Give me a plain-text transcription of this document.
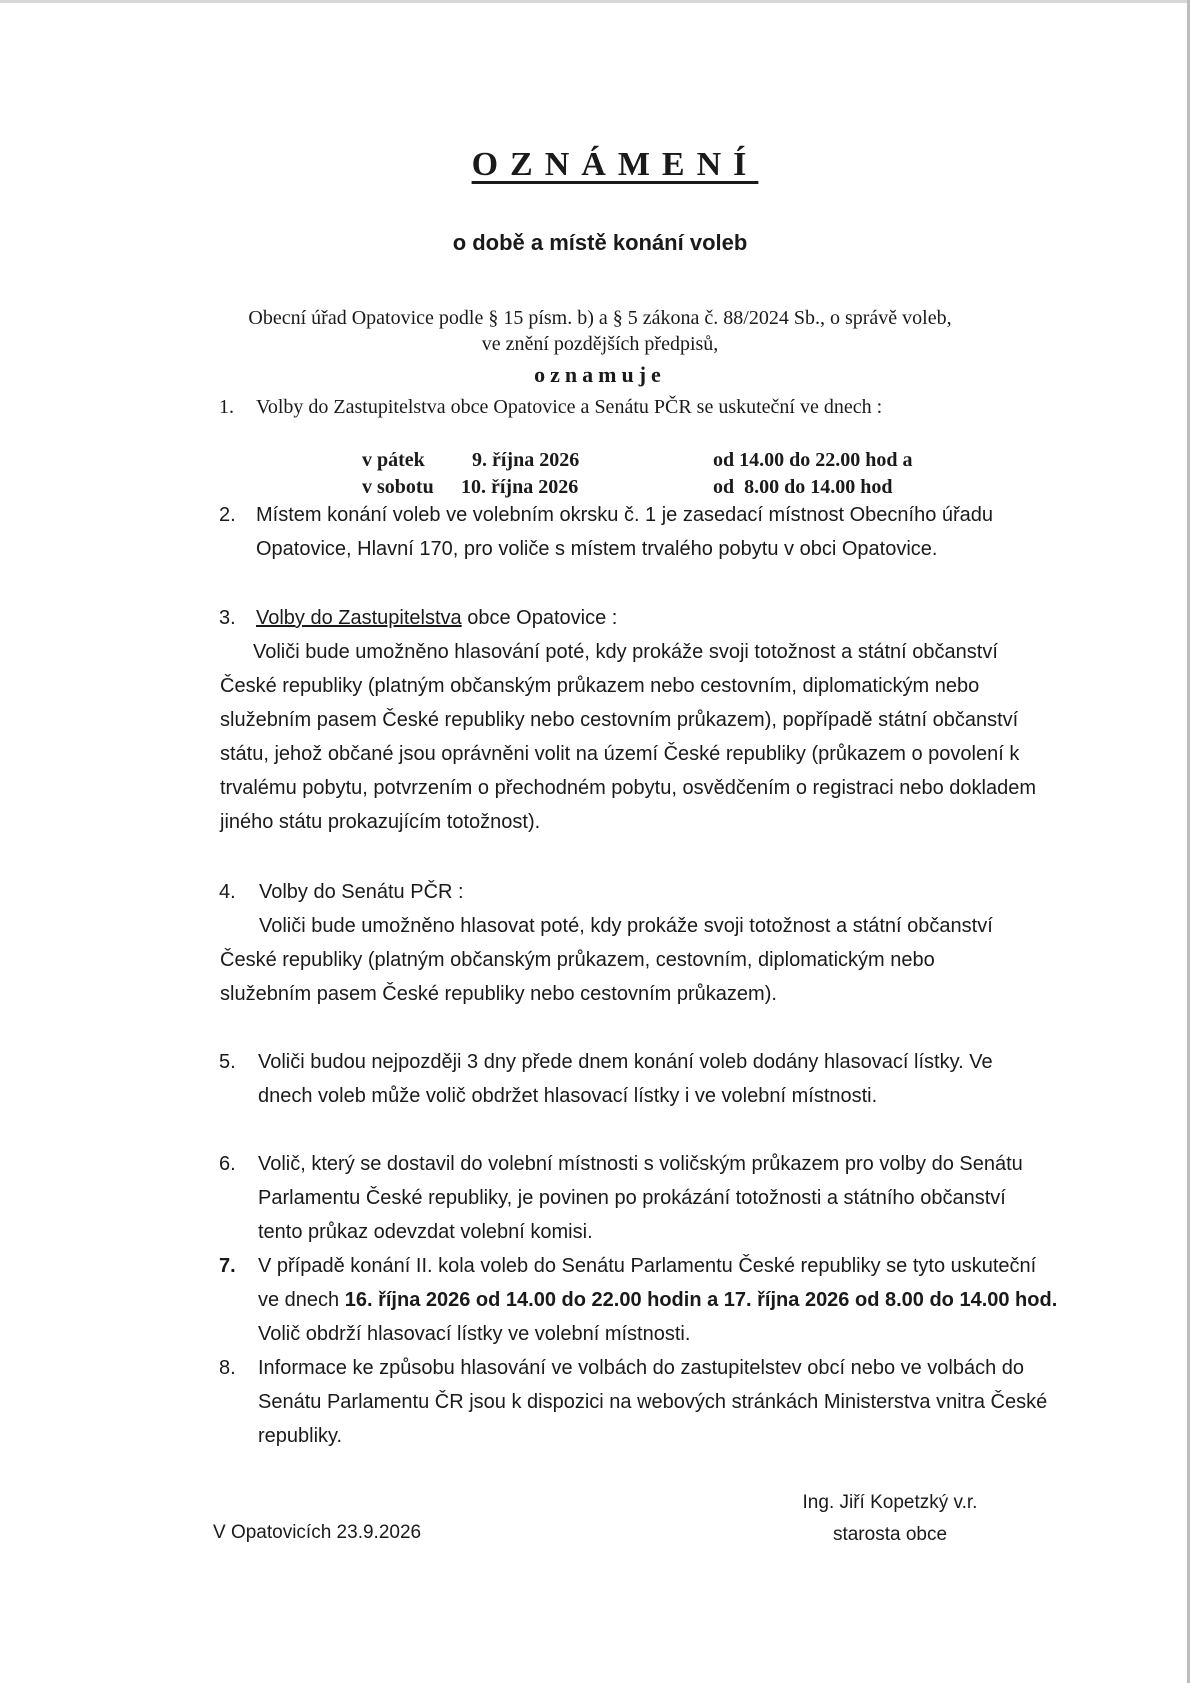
OZNÁMENÍ
o době a místě konání voleb
Obecní úřad Opatovice podle § 15 písm. b) a § 5 zákona č. 88/2024 Sb., o správě voleb,
ve znění pozdějších předpisů,
oznamuje
1. Volby do Zastupitelstva obce Opatovice a Senátu PČR se uskuteční ve dnech :
v pátek 9. října 2026	od 14.00 do 22.00 hod a
v sobotu 10. října 2026	od  8.00 do 14.00 hod
2. Místem konání voleb ve volebním okrsku č. 1 je zasedací místnost Obecního úřadu Opatovice, Hlavní 170, pro voliče s místem trvalého pobytu v obci Opatovice.
3. Volby do Zastupitelstva obce Opatovice :
Voliči bude umožněno hlasování poté, kdy prokáže svoji totožnost a státní občanství České republiky (platným občanským průkazem nebo cestovním, diplomatickým nebo služebním pasem České republiky nebo cestovním průkazem), popřípadě státní občanství státu, jehož občané jsou oprávněni volit na území České republiky (průkazem o povolení k trvalému pobytu, potvrzením o přechodném pobytu, osvědčením o registraci nebo dokladem jiného státu prokazujícím totožnost).
4. Volby do Senátu PČR :
Voliči bude umožněno hlasovat poté, kdy prokáže svoji totožnost a státní občanství České republiky (platným občanským průkazem, cestovním, diplomatickým nebo služebním pasem České republiky nebo cestovním průkazem).
5. Voliči budou nejpozději 3 dny přede dnem konání voleb dodány hlasovací lístky. Ve dnech voleb může volič obdržet hlasovací lístky i ve volební místnosti.
6. Volič, který se dostavil do volební místnosti s voličským průkazem pro volby do Senátu Parlamentu České republiky, je povinen po prokázání totožnosti a státního občanství tento průkaz odevzdat volební komisi.
7. V případě konání II. kola voleb do Senátu Parlamentu České republiky se tyto uskuteční ve dnech 16. října 2026 od 14.00 do 22.00 hodin a 17. října 2026 od 8.00 do 14.00 hod. Volič obdrží hlasovací lístky ve volební místnosti.
8. Informace ke způsobu hlasování ve volbách do zastupitelstev obcí nebo ve volbách do Senátu Parlamentu ČR jsou k dispozici na webových stránkách Ministerstva vnitra České republiky.
V Opatovicích 23.9.2026
Ing. Jiří Kopetzký v.r.
starosta obce
